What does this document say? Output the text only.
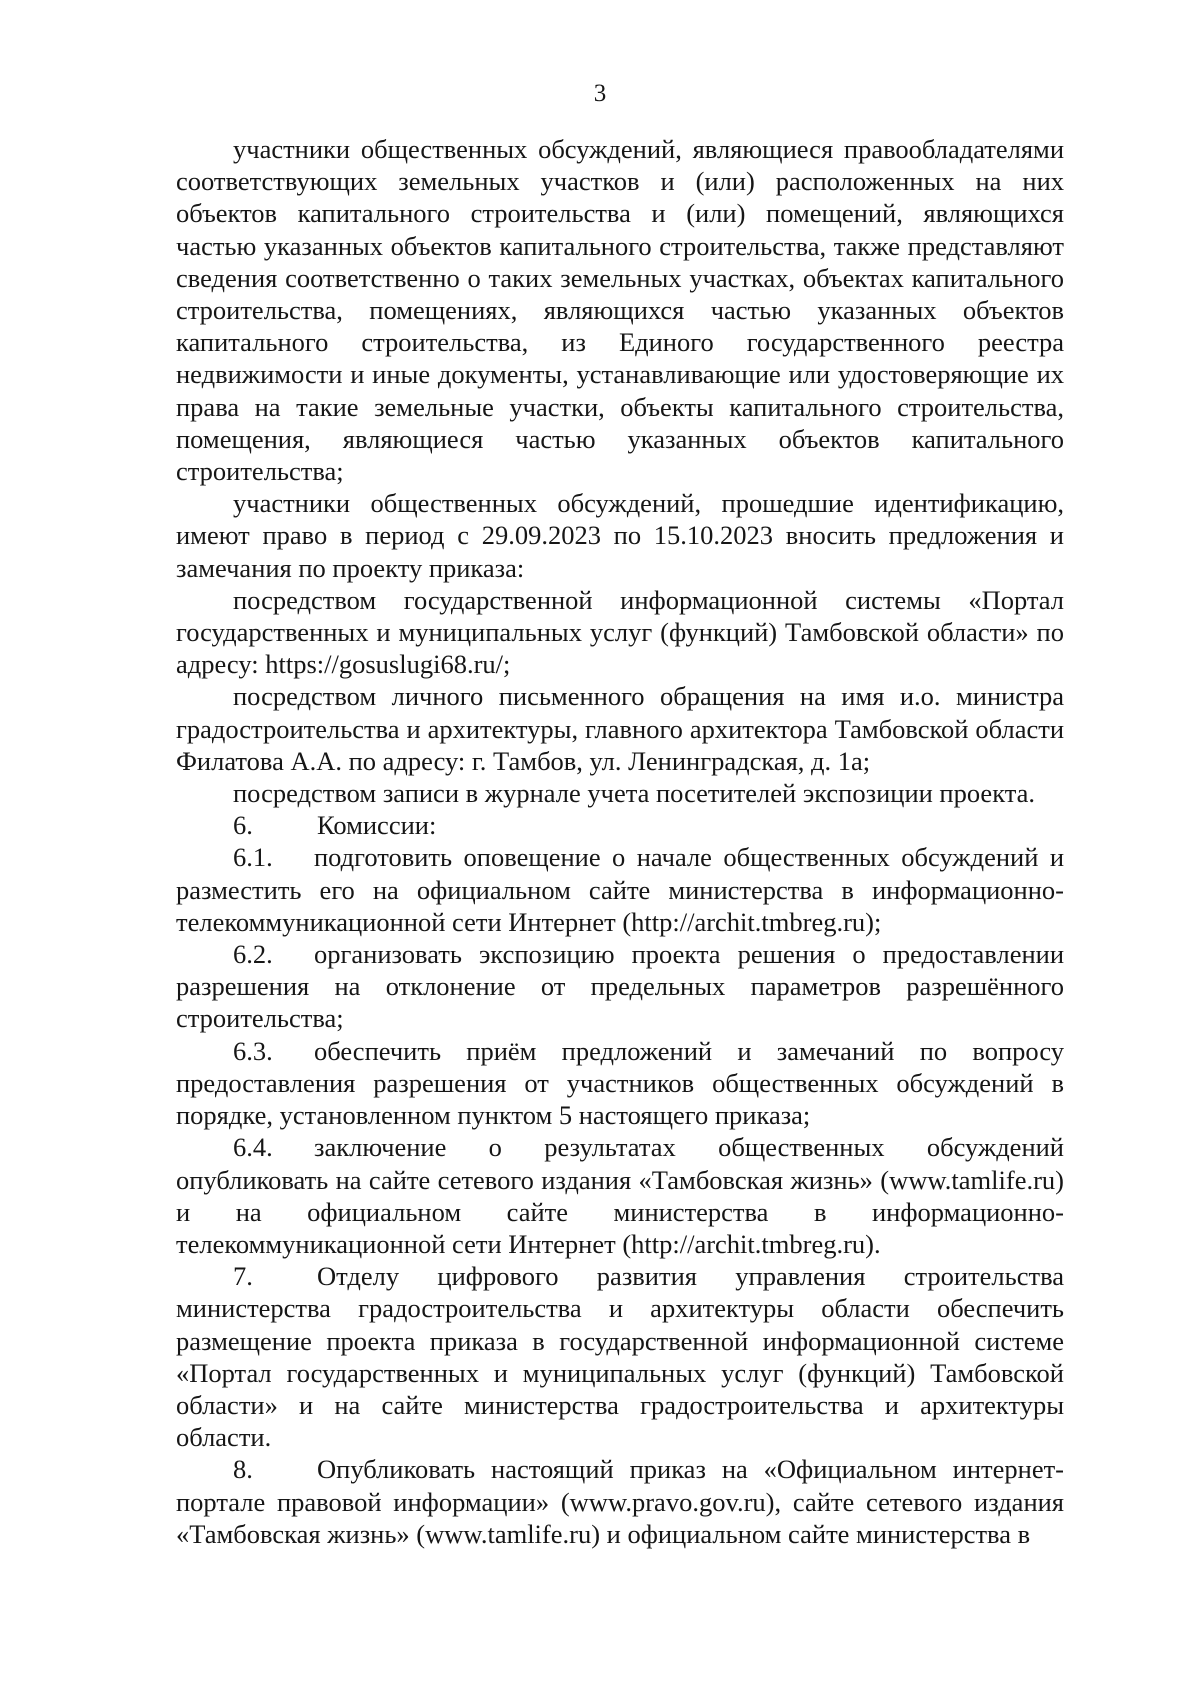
3

участники общественных обсуждений, являющиеся правообладателями соответствующих земельных участков и (или) расположенных на них объектов капитального строительства и (или) помещений, являющихся частью указанных объектов капитального строительства, также представляют сведения соответственно о таких земельных участках, объектах капитального строительства, помещениях, являющихся частью указанных объектов капитального строительства, из Единого государственного реестра недвижимости и иные документы, устанавливающие или удостоверяющие их права на такие земельные участки, объекты капитального строительства, помещения, являющиеся частью указанных объектов капитального строительства;

участники общественных обсуждений, прошедшие идентификацию, имеют право в период с 29.09.2023 по 15.10.2023 вносить предложения и замечания по проекту приказа:

посредством государственной информационной системы «Портал государственных и муниципальных услуг (функций) Тамбовской области» по адресу: https://gosuslugi68.ru/;

посредством личного письменного обращения на имя и.о. министра градостроительства и архитектуры, главного архитектора Тамбовской области Филатова А.А. по адресу: г. Тамбов, ул. Ленинградская, д. 1а;

посредством записи в журнале учета посетителей экспозиции проекта.

6. Комиссии:

6.1. подготовить оповещение о начале общественных обсуждений и разместить его на официальном сайте министерства в информационно-телекоммуникационной сети Интернет (http://archit.tmbreg.ru);

6.2. организовать экспозицию проекта решения о предоставлении разрешения на отклонение от предельных параметров разрешённого строительства;

6.3. обеспечить приём предложений и замечаний по вопросу предоставления разрешения от участников общественных обсуждений в порядке, установленном пунктом 5 настоящего приказа;

6.4. заключение о результатах общественных обсуждений опубликовать на сайте сетевого издания «Тамбовская жизнь» (www.tamlife.ru) и на официальном сайте министерства в информационно-телекоммуникационной сети Интернет (http://archit.tmbreg.ru).

7. Отделу цифрового развития управления строительства министерства градостроительства и архитектуры области обеспечить размещение проекта приказа в государственной информационной системе «Портал государственных и муниципальных услуг (функций) Тамбовской области» и на сайте министерства градостроительства и архитектуры области.

8. Опубликовать настоящий приказ на «Официальном интернет-портале правовой информации» (www.pravo.gov.ru), сайте сетевого издания «Тамбовская жизнь» (www.tamlife.ru) и официальном сайте министерства в
